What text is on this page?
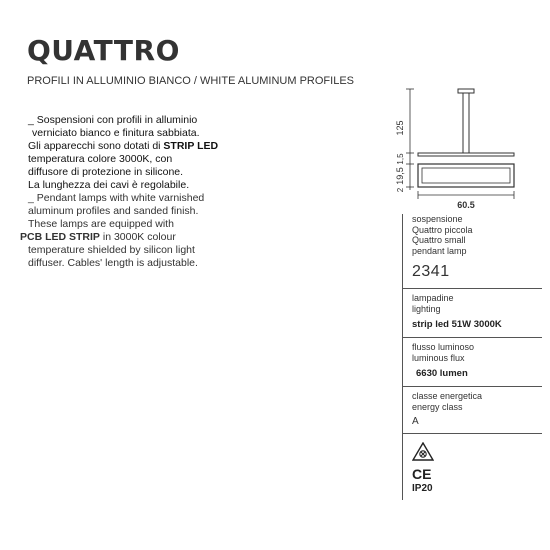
QUATTRO
PROFILI IN ALLUMINIO BIANCO / WHITE ALUMINUM PROFILES

_ Sospensioni con profili in alluminio
verniciato bianco e finitura sabbiata.
Gli apparecchi sono dotati di STRIP LED
temperatura colore 3000K, con
diffusore di protezione in silicone.
La lunghezza dei cavi è regolabile.

_ Pendant lamps with white varnished
aluminum profiles and sanded finish.
These lamps are equipped with
PCB LED STRIP in 3000K colour
temperature shielded by silicon light
diffuser. Cables' length is adjustable.

125
1,5
19,5
2
60.5
sospensione
Quattro piccola
Quattro small
pendant lamp
2341
lampadine
lighting
strip led 51W 3000K
flusso luminoso
luminous flux
6630 lumen
classe energetica
energy class
A
CE
IP20
